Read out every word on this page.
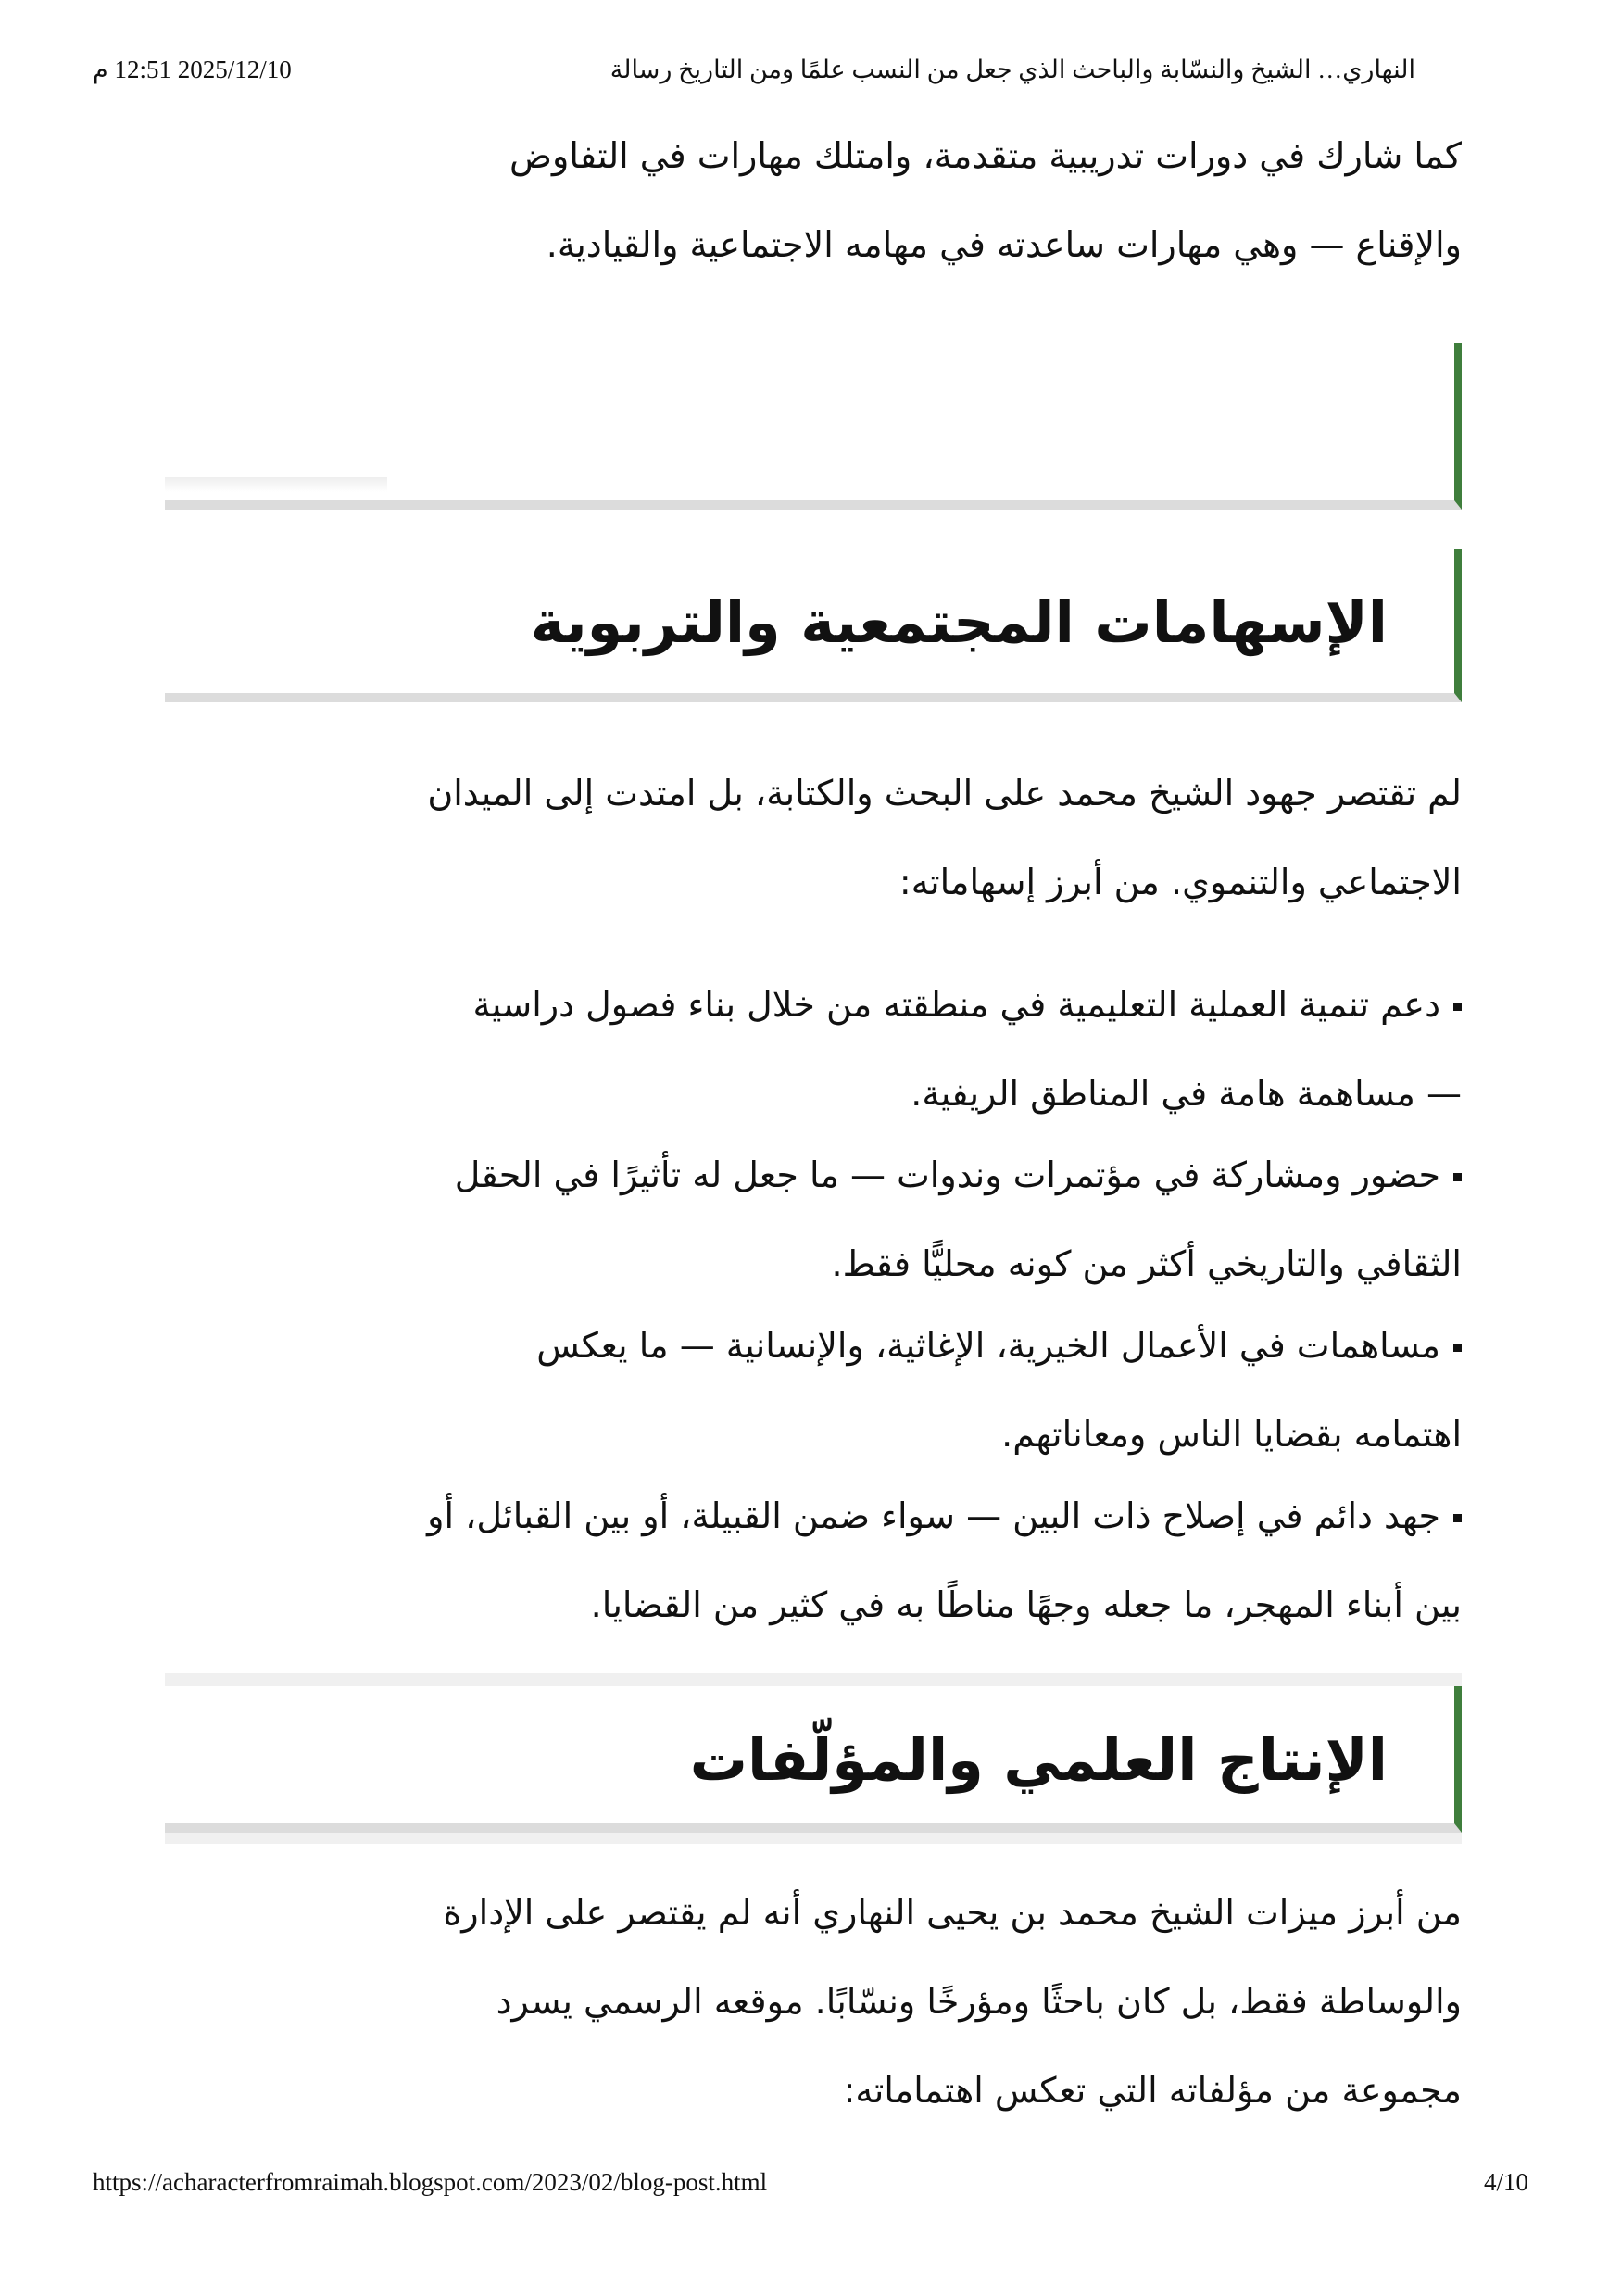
2025/12/10 12:51 م	النهاري… الشيخ والنسّابة والباحث الذي جعل من النسب علمًا ومن التاريخ رسالة

كما شارك في دورات تدريبية متقدمة، وامتلك مهارات في التفاوض
والإقناع — وهي مهارات ساعدته في مهامه الاجتماعية والقيادية.

الإسهامات المجتمعية والتربوية

لم تقتصر جهود الشيخ محمد على البحث والكتابة، بل امتدت إلى الميدان
الاجتماعي والتنموي. من أبرز إسهاماته:

دعم تنمية العملية التعليمية في منطقته من خلال بناء فصول دراسية
— مساهمة هامة في المناطق الريفية.
حضور ومشاركة في مؤتمرات وندوات — ما جعل له تأثيرًا في الحقل
الثقافي والتاريخي أكثر من كونه محليًّا فقط.
مساهمات في الأعمال الخيرية، الإغاثية، والإنسانية — ما يعكس
اهتمامه بقضايا الناس ومعاناتهم.
جهد دائم في إصلاح ذات البين — سواء ضمن القبيلة، أو بين القبائل، أو
بين أبناء المهجر، ما جعله وجهًا مناطًا به في كثير من القضايا.
الإنتاج العلمي والمؤلّفات

من أبرز ميزات الشيخ محمد بن يحيى النهاري أنه لم يقتصر على الإدارة
والوساطة فقط، بل كان باحثًا ومؤرخًا ونسّابًا. موقعه الرسمي يسرد
مجموعة من مؤلفاته التي تعكس اهتماماته:

https://acharacterfromraimah.blogspot.com/2023/02/blog-post.html	4/10
